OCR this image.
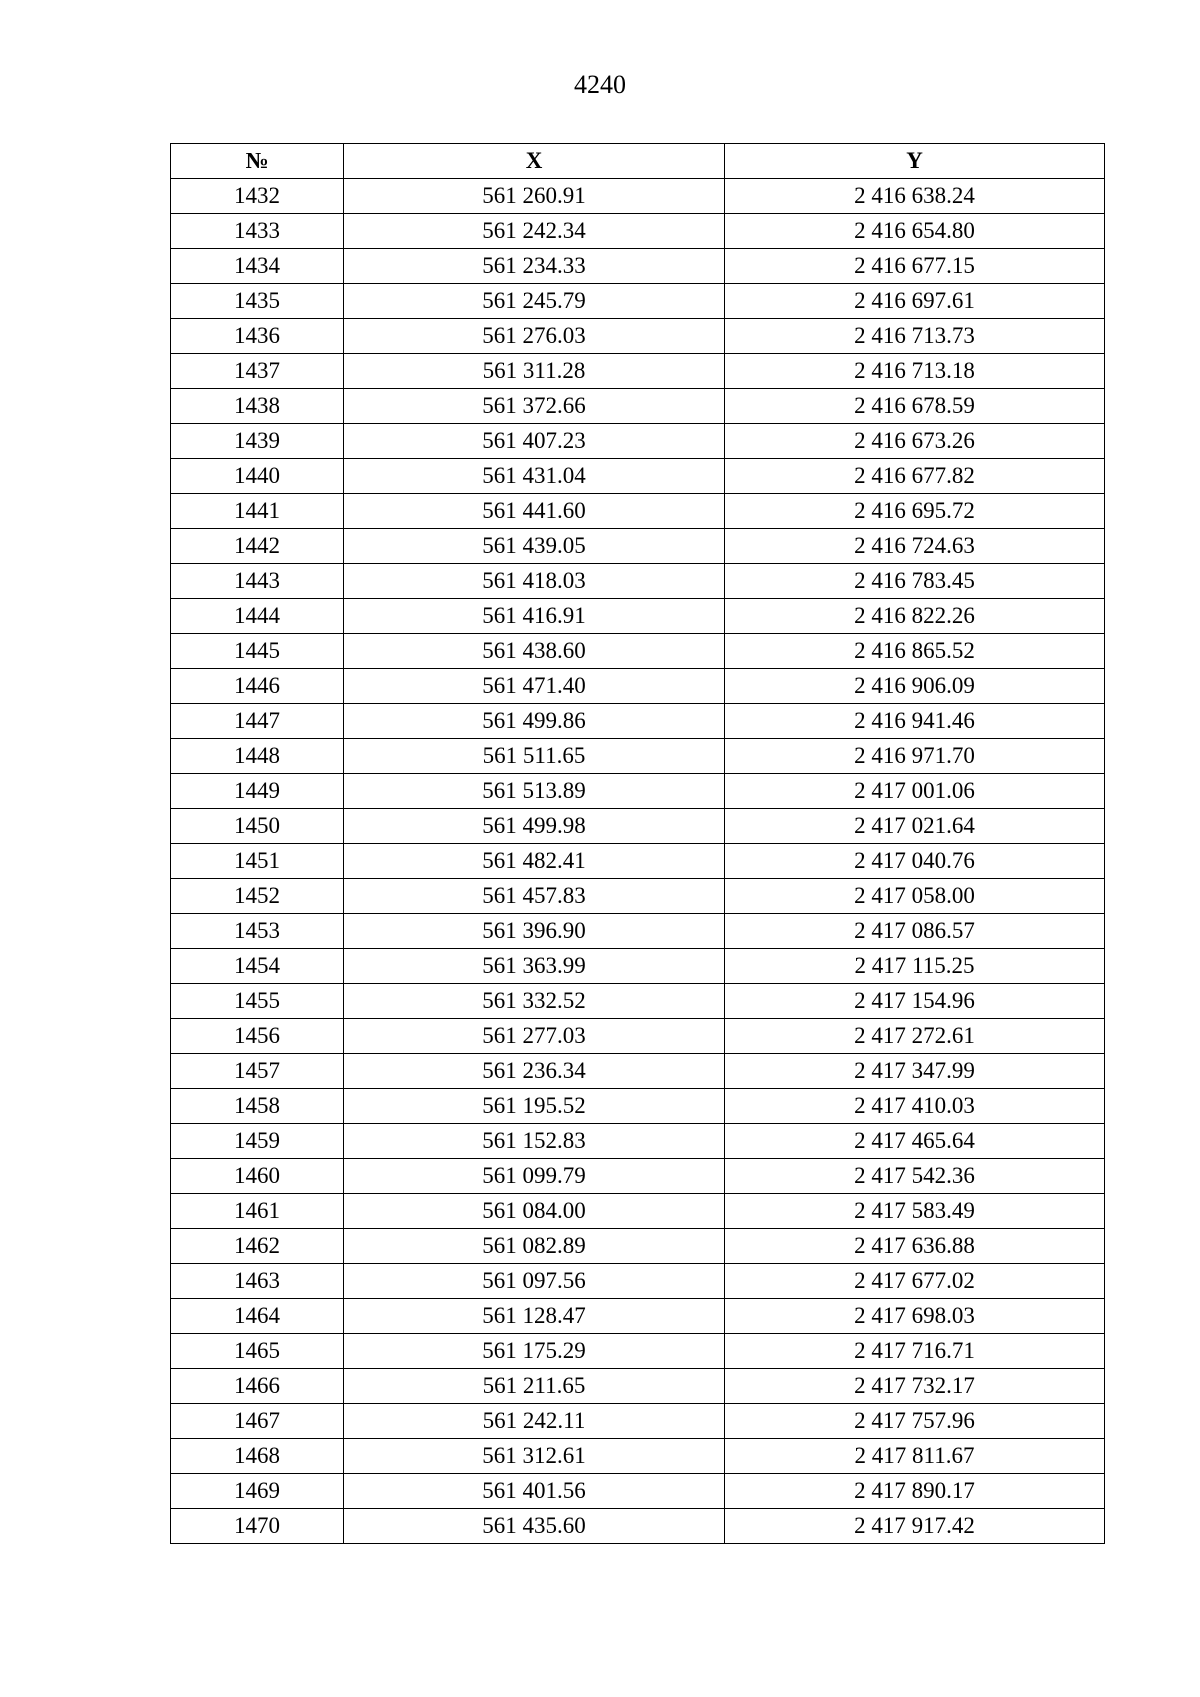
4240
№	X	Y
1432	561 260.91	2 416 638.24
1433	561 242.34	2 416 654.80
1434	561 234.33	2 416 677.15
1435	561 245.79	2 416 697.61
1436	561 276.03	2 416 713.73
1437	561 311.28	2 416 713.18
1438	561 372.66	2 416 678.59
1439	561 407.23	2 416 673.26
1440	561 431.04	2 416 677.82
1441	561 441.60	2 416 695.72
1442	561 439.05	2 416 724.63
1443	561 418.03	2 416 783.45
1444	561 416.91	2 416 822.26
1445	561 438.60	2 416 865.52
1446	561 471.40	2 416 906.09
1447	561 499.86	2 416 941.46
1448	561 511.65	2 416 971.70
1449	561 513.89	2 417 001.06
1450	561 499.98	2 417 021.64
1451	561 482.41	2 417 040.76
1452	561 457.83	2 417 058.00
1453	561 396.90	2 417 086.57
1454	561 363.99	2 417 115.25
1455	561 332.52	2 417 154.96
1456	561 277.03	2 417 272.61
1457	561 236.34	2 417 347.99
1458	561 195.52	2 417 410.03
1459	561 152.83	2 417 465.64
1460	561 099.79	2 417 542.36
1461	561 084.00	2 417 583.49
1462	561 082.89	2 417 636.88
1463	561 097.56	2 417 677.02
1464	561 128.47	2 417 698.03
1465	561 175.29	2 417 716.71
1466	561 211.65	2 417 732.17
1467	561 242.11	2 417 757.96
1468	561 312.61	2 417 811.67
1469	561 401.56	2 417 890.17
1470	561 435.60	2 417 917.42
